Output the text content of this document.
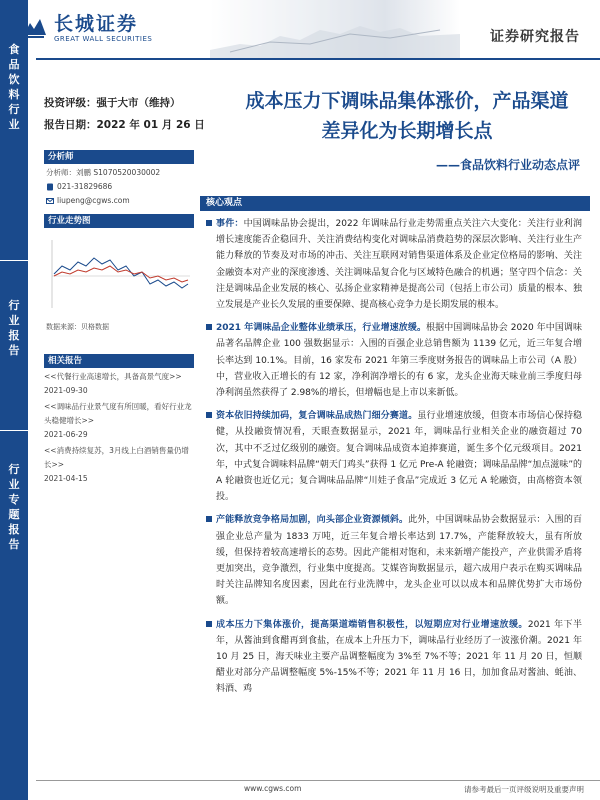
食品饮料行业
行业报告
行业专题报告
长城证券
GREAT WALL SECURITIES	证券研究报告
投资评级：强于大市（维持）
报告日期：2022 年 01 月 26 日
成本压力下调味品集体涨价，产品渠道
差异化为长期增长点
——食品饮料行业动态点评
分析师
分析师：刘鹏 S1070520030002
021-31829686
liupeng@cgws.com
行业走势图
数据来源：贝格数据
相关报告
<<代餐行业高速增长，具备高景气度>>
2021-09-30
<<调味品行业景气度有所回暖，看好行业龙头稳健增长>>
2021-06-29
<<消费持续复苏，3月线上白酒销售量仍增长>>
2021-04-15
核心观点
事件：中国调味品协会提出，2022 年调味品行业走势需重点关注六大变化：关注行业利润增长速度能否企稳回升、关注消费结构变化对调味品消费趋势的深层次影响、关注行业生产能力释放的节奏及对市场的冲击、关注互联网对销售渠道体系及企业定位格局的影响、关注金融资本对产业的深度渗透、关注调味品复合化与区域特色融合的机遇；坚守四个信念：关注是调味品企业发展的核心、弘扬企业家精神是提高公司（包括上市公司）质量的根本、独立发展是产业长久发展的重要保障、提高核心竞争力是长期发展的根本。
2021 年调味品企业整体业绩承压，行业增速放缓。根据中国调味品协会 2020 年中国调味品著名品牌企业 100 强数据显示：入围的百强企业总销售额为 1139 亿元，近三年复合增长率达到 10.1%。目前，16 家发布 2021 年第三季度财务报告的调味品上市公司（A 股）中，营业收入正增长的有 12 家，净利润净增长的有 6 家，龙头企业海天味业前三季度归母净利润虽然获得了 2.98%的增长，但增幅也是上市以来新低。
资本依旧持续加码，复合调味品成热门细分赛道。虽行业增速放缓，但资本市场信心保持稳健，从投融资情况看，天眼查数据显示，2021 年，调味品行业相关企业的融资超过 70 次，其中不乏过亿级别的融资。复合调味品成资本追捧赛道，诞生多个亿元级项目。2021 年，中式复合调味料品牌“朝天门鸡头”获得 1 亿元 Pre-A 轮融资；调味品品牌“加点滋味”的 A 轮融资也近亿元；复合调味品品牌“川娃子食品”完成近 3 亿元 A 轮融资，由高榕资本领投。
产能释放竞争格局加剧，向头部企业资源倾斜。此外，中国调味品协会数据显示：入围的百强企业总产量为 1833 万吨，近三年复合增长率达到 17.7%，产能释放较大，虽有所放缓，但保持着较高速增长的态势。因此产能相对饱和，未来新增产能投产，产业供需矛盾将更加突出，竞争激烈，行业集中度提高。艾媒咨询数据显示，超六成用户表示在购买调味品时关注品牌知名度因素，因此在行业洗牌中，龙头企业可以以成本和品牌优势扩大市场份额。
成本压力下集体涨价，提高渠道端销售积极性，以短期应对行业增速放缓。2021 年下半年，从酱油到食醋再到食盐，在成本上升压力下，调味品行业经历了一波涨价潮。2021 年 10 月 25 日，海天味业主要产品调整幅度为 3%至 7%不等；2021 年 11 月 20 日，恒顺醋业对部分产品调整幅度 5%-15%不等；2021 年 11 月 16 日，加加食品对酱油、蚝油、料酒、鸡
www.cgws.com	请参考最后一页评级说明及重要声明
